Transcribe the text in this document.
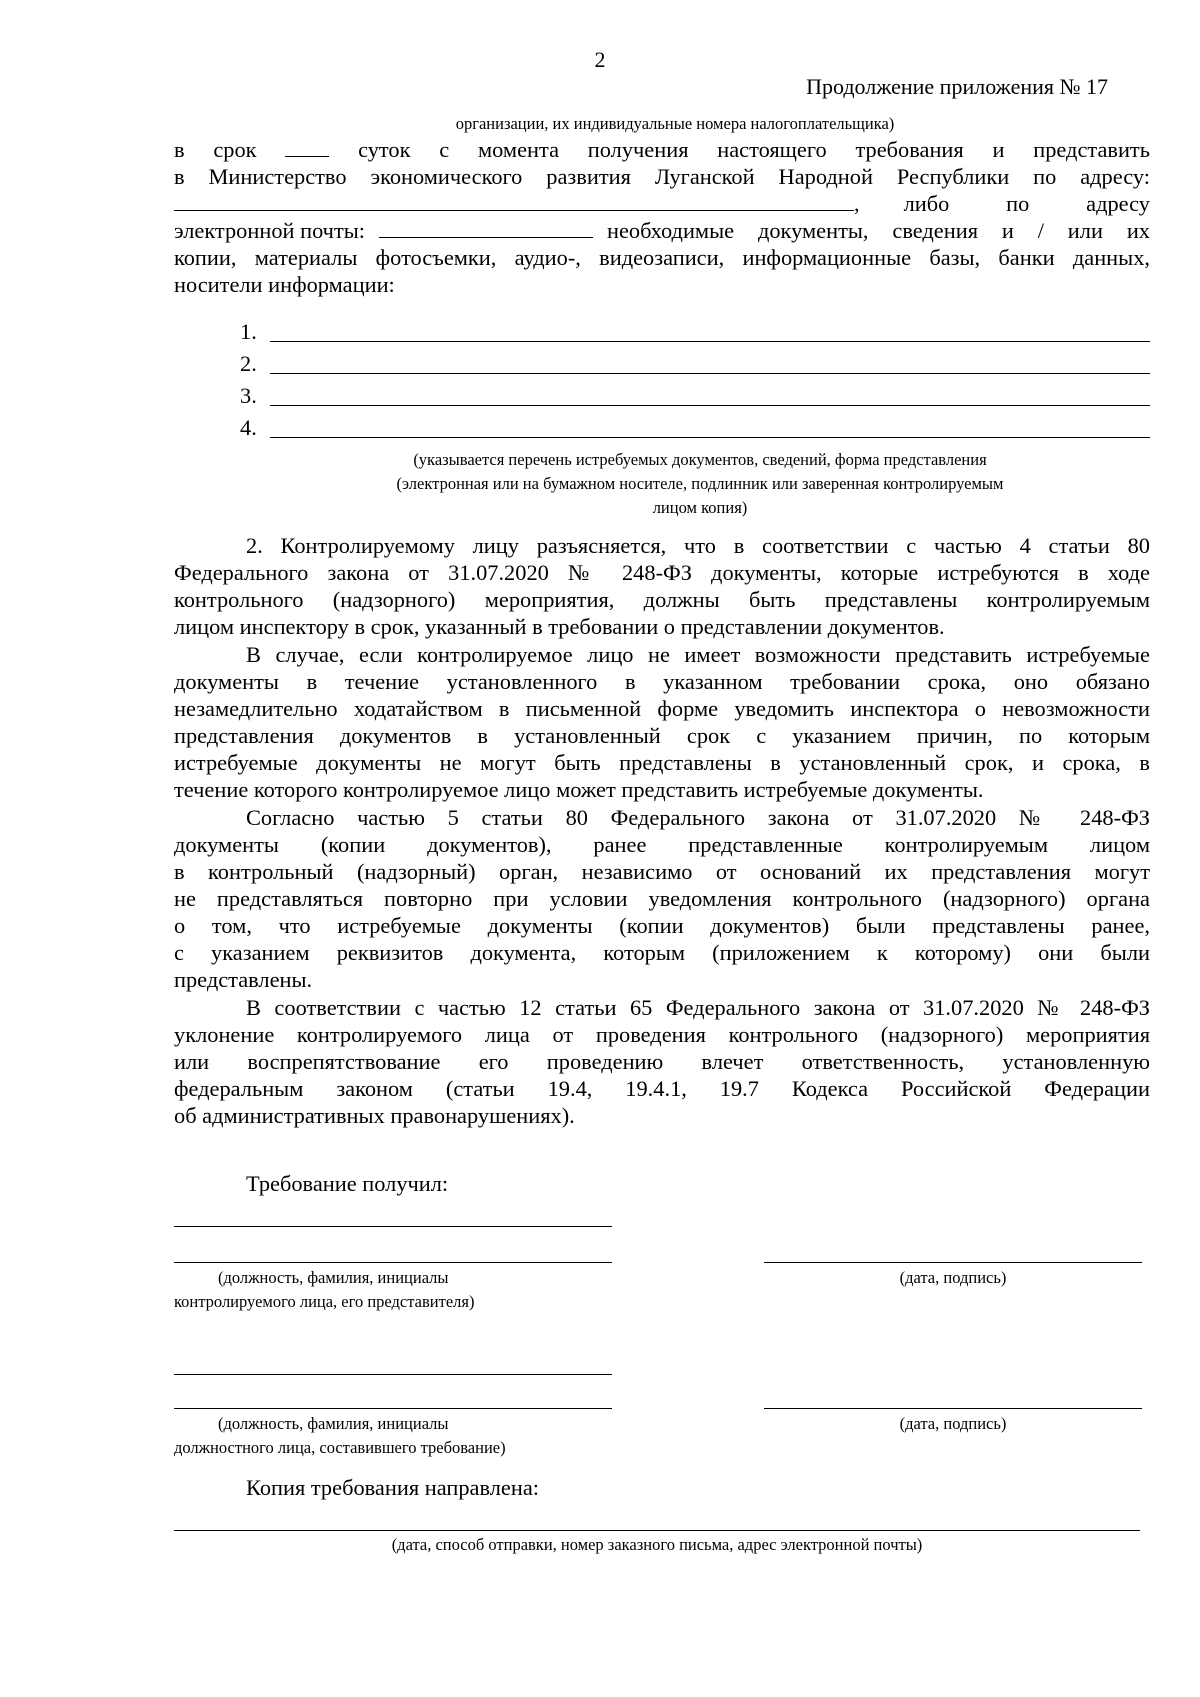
2
Продолжение приложения № 17
организации, их индивидуальные номера налогоплательщика)
в срок	суток с момента получения настоящего требования и представить
в Министерство экономического развития Луганской Народной Республики по адресу:
, либо	по	адресу
электронной почты:	необходимые документы, сведения и / или их
копии, материалы фотосъемки, аудио-, видеозаписи, информационные базы, банки данных,
носители информации:
1.
2.
3.
4.
(указывается перечень истребуемых документов, сведений, форма представления
(электронная или на бумажном носителе, подлинник или заверенная контролируемым
лицом копия)
2. Контролируемому лицу разъясняется, что в соответствии с частью 4 статьи 80
Федерального закона от 31.07.2020 № 248-ФЗ документы, которые истребуются в ходе
контрольного (надзорного) мероприятия, должны быть представлены контролируемым
лицом инспектору в срок, указанный в требовании о представлении документов.
В случае, если контролируемое лицо не имеет возможности представить истребуемые
документы в течение установленного в указанном требовании срока, оно обязано
незамедлительно ходатайством в письменной форме уведомить инспектора о невозможности
представления документов в установленный срок с указанием причин, по которым
истребуемые документы не могут быть представлены в установленный срок, и срока, в
течение которого контролируемое лицо может представить истребуемые документы.
Согласно частью 5 статьи 80 Федерального закона от 31.07.2020 № 248-ФЗ
документы (копии документов), ранее представленные контролируемым лицом
в контрольный (надзорный) орган, независимо от оснований их представления могут
не представляться повторно при условии уведомления контрольного (надзорного) органа
о том, что истребуемые документы (копии документов) были представлены ранее,
с указанием реквизитов документа, которым (приложением к которому) они были
представлены.
В соответствии с частью 12 статьи 65 Федерального закона от 31.07.2020 № 248-ФЗ
уклонение контролируемого лица от проведения контрольного (надзорного) мероприятия
или воспрепятствование его проведению влечет ответственность, установленную
федеральным законом (статьи 19.4, 19.4.1, 19.7 Кодекса Российской Федерации
об административных правонарушениях).
Требование получил:
(должность, фамилия, инициалы
контролируемого лица, его представителя)
(дата, подпись)
(должность, фамилия, инициалы
должностного лица, составившего требование)
(дата, подпись)
Копия требования направлена:
(дата, способ отправки, номер заказного письма, адрес электронной почты)
